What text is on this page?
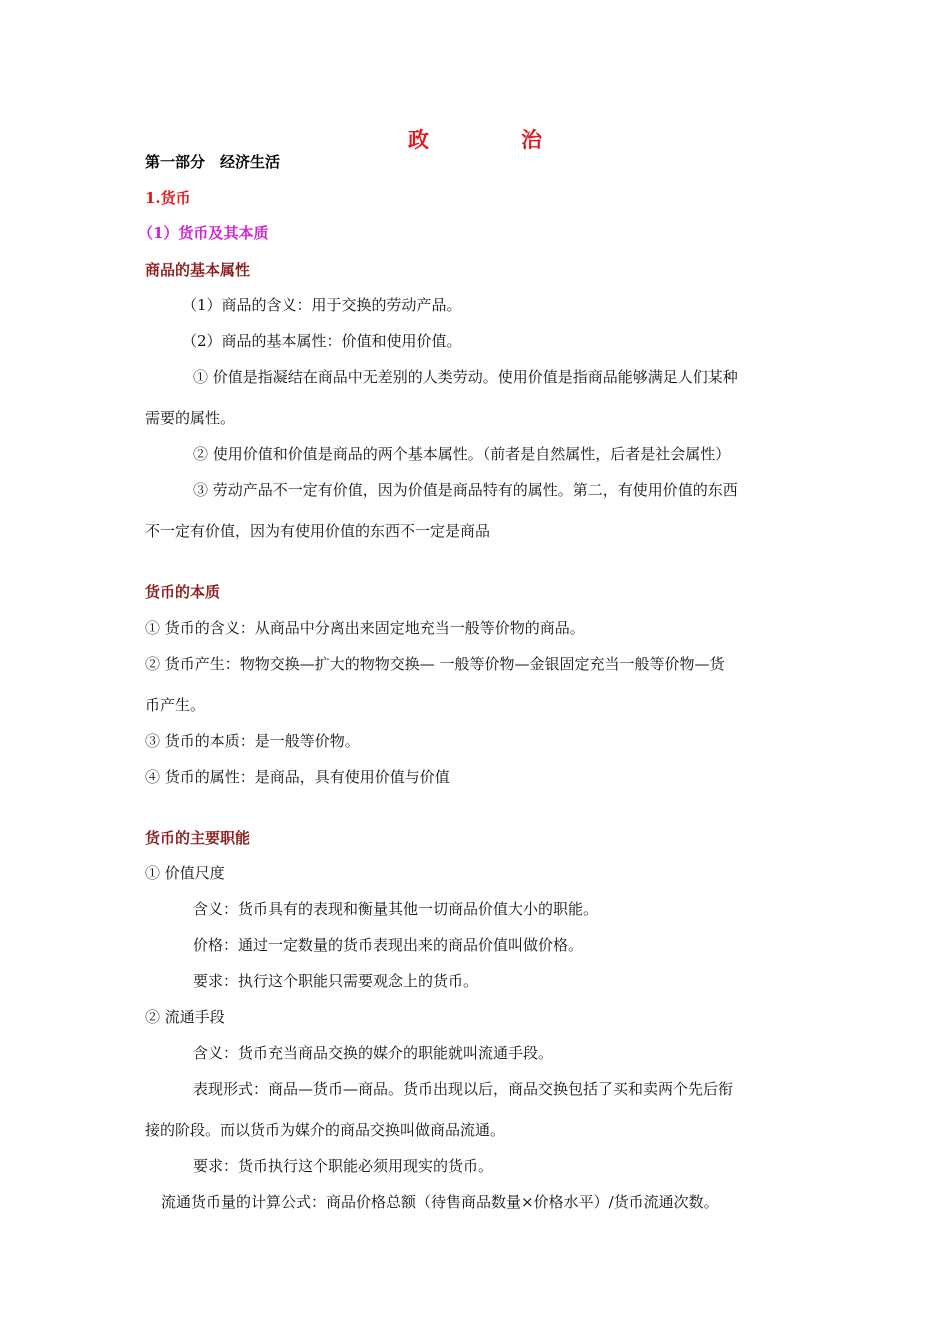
政	治
第一部分　经济生活
1.货币
（1）货币及其本质
商品的基本属性
（1）商品的含义：用于交换的劳动产品。
（2）商品的基本属性：价值和使用价值。
① 价值是指凝结在商品中无差别的人类劳动。使用价值是指商品能够满足人们某种
需要的属性。
② 使用价值和价值是商品的两个基本属性。（前者是自然属性，后者是社会属性）
③ 劳动产品不一定有价值，因为价值是商品特有的属性。第二，有使用价值的东西
不一定有价值，因为有使用价值的东西不一定是商品
货币的本质
① 货币的含义：从商品中分离出来固定地充当一般等价物的商品。
② 货币产生：物物交换—扩大的物物交换— 一般等价物—金银固定充当一般等价物—货
币产生。
③ 货币的本质：是一般等价物。
④ 货币的属性：是商品，具有使用价值与价值
货币的主要职能
① 价值尺度
含义：货币具有的表现和衡量其他一切商品价值大小的职能。
价格：通过一定数量的货币表现出来的商品价值叫做价格。
要求：执行这个职能只需要观念上的货币。
② 流通手段
含义：货币充当商品交换的媒介的职能就叫流通手段。
表现形式：商品—货币—商品。货币出现以后，商品交换包括了买和卖两个先后衔
接的阶段。而以货币为媒介的商品交换叫做商品流通。
要求：货币执行这个职能必须用现实的货币。
流通货币量的计算公式：商品价格总额（待售商品数量×价格水平）/货币流通次数。
